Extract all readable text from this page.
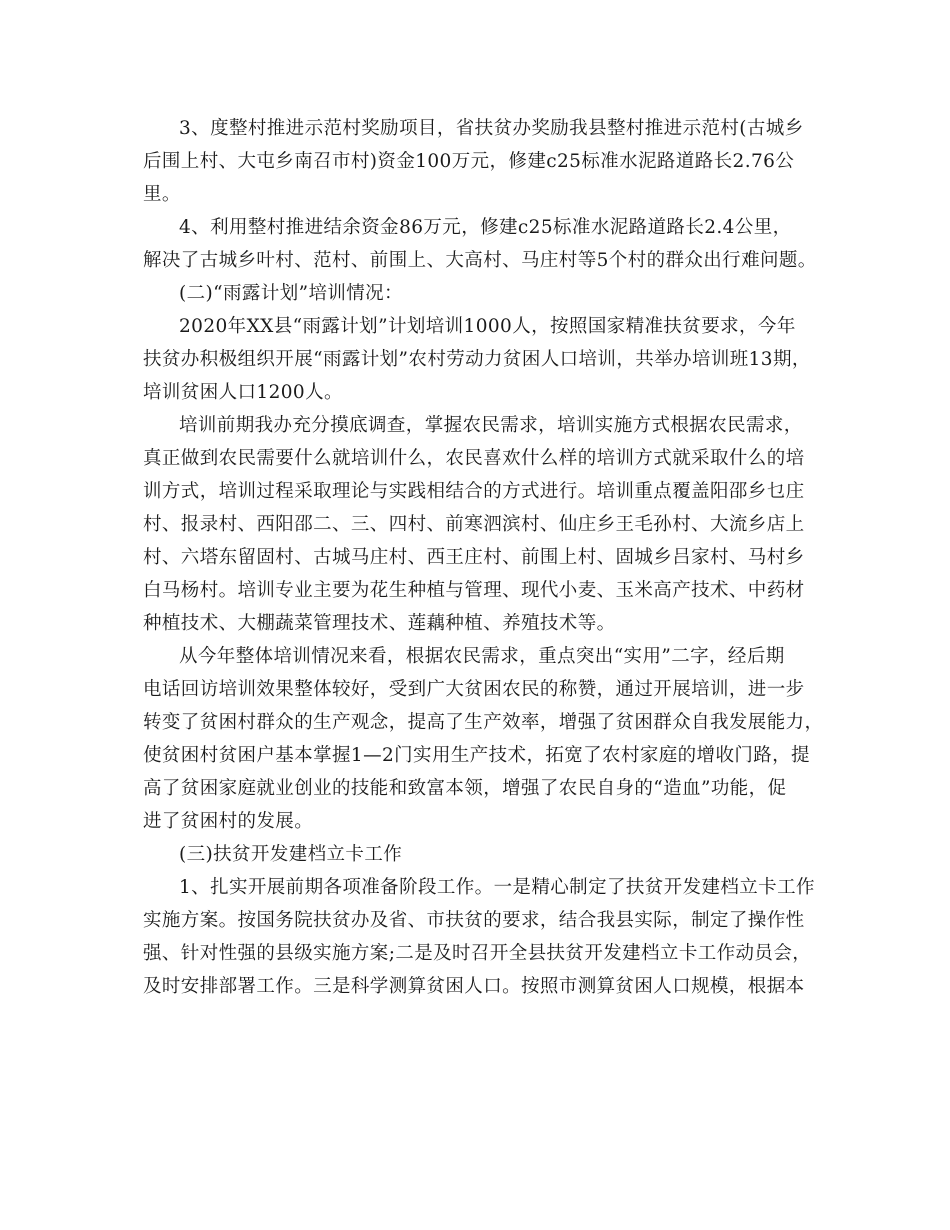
3、度整村推进示范村奖励项目，省扶贫办奖励我县整村推进示范村(古城乡
后围上村、大屯乡南召市村)资金100万元，修建c25标准水泥路道路长2.76公
里。
4、利用整村推进结余资金86万元，修建c25标准水泥路道路长2.4公里，
解决了古城乡叶村、范村、前围上、大高村、马庄村等5个村的群众出行难问题。
(二)“雨露计划”培训情况：
2020年XX县“雨露计划”计划培训1000人，按照国家精准扶贫要求，今年
扶贫办积极组织开展“雨露计划”农村劳动力贫困人口培训，共举办培训班13期，
培训贫困人口1200人。
培训前期我办充分摸底调查，掌握农民需求，培训实施方式根据农民需求，
真正做到农民需要什么就培训什么，农民喜欢什么样的培训方式就采取什么的培
训方式，培训过程采取理论与实践相结合的方式进行。培训重点覆盖阳邵乡乜庄
村、报录村、西阳邵二、三、四村、前寒泗滨村、仙庄乡王毛孙村、大流乡店上
村、六塔东留固村、古城马庄村、西王庄村、前围上村、固城乡吕家村、马村乡
白马杨村。培训专业主要为花生种植与管理、现代小麦、玉米高产技术、中药材
种植技术、大棚蔬菜管理技术、莲藕种植、养殖技术等。
从今年整体培训情况来看，根据农民需求，重点突出“实用”二字，经后期
电话回访培训效果整体较好，受到广大贫困农民的称赞，通过开展培训，进一步
转变了贫困村群众的生产观念，提高了生产效率，增强了贫困群众自我发展能力，
使贫困村贫困户基本掌握1—2门实用生产技术，拓宽了农村家庭的增收门路，提
高了贫困家庭就业创业的技能和致富本领，增强了农民自身的“造血”功能，促
进了贫困村的发展。
(三)扶贫开发建档立卡工作
1、扎实开展前期各项准备阶段工作。一是精心制定了扶贫开发建档立卡工作
实施方案。按国务院扶贫办及省、市扶贫的要求，结合我县实际，制定了操作性
强、针对性强的县级实施方案;二是及时召开全县扶贫开发建档立卡工作动员会，
及时安排部署工作。三是科学测算贫困人口。按照市测算贫困人口规模，根据本
